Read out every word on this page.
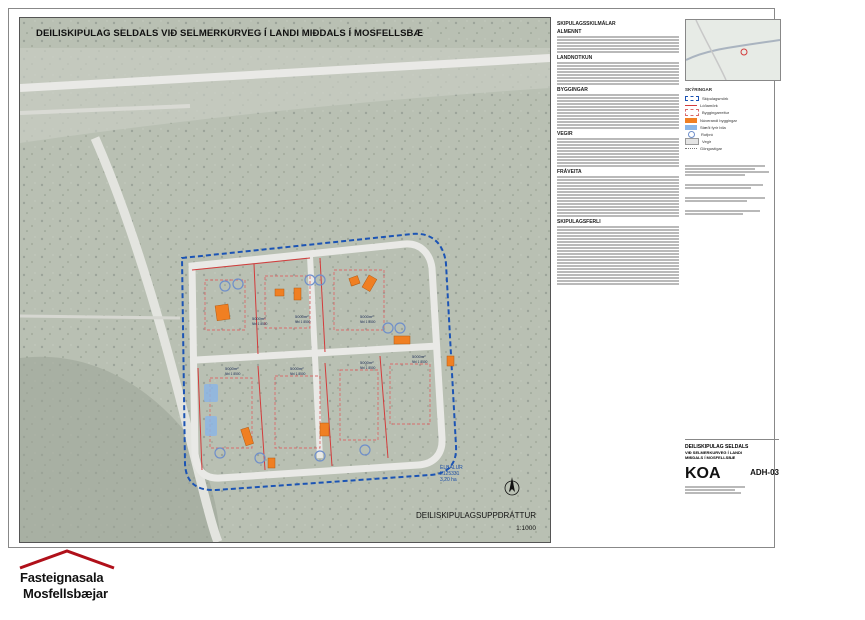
DEILISKIPULAG SELDALS VIÐ SELMERKURVEG Í LANDI MIÐDALS Í MOSFELLSBÆ
5000m²
Nbl 1 8500
5000m²
Nbl 1 8500
5000m²
Nbl 1 8500
5000m²
Nbl 1 8500
5000m²
Nbl 1 8500
5000m²
Nbl 1 8500
5000m²
Nbl 1 8500
ELBALUR
L125331
3,20 ha
DEILISKIPULAGSUPPDRÁTTUR
1:1000
SKIPULAGSSKILMÁLAR
ALMENNT
LANDNOTKUN
BYGGINGAR
VEGIR
FRÁVEITA
SKIPULAGSFERLI
SKÝRINGAR
Skipulagsmörk
Lóðamörk
Byggingarreitur
Núverandi byggingar
Stæði fyrir bíla
Rotþró
Vegir
Göngustígar
DEILISKIPULAG SELDALS
VIÐ SELMERKURVEG Í LANDI
MIÐDALS Í MOSFELLSBÆ
KOA	ADH-03
Fasteignasala
Mosfellsbæjar
